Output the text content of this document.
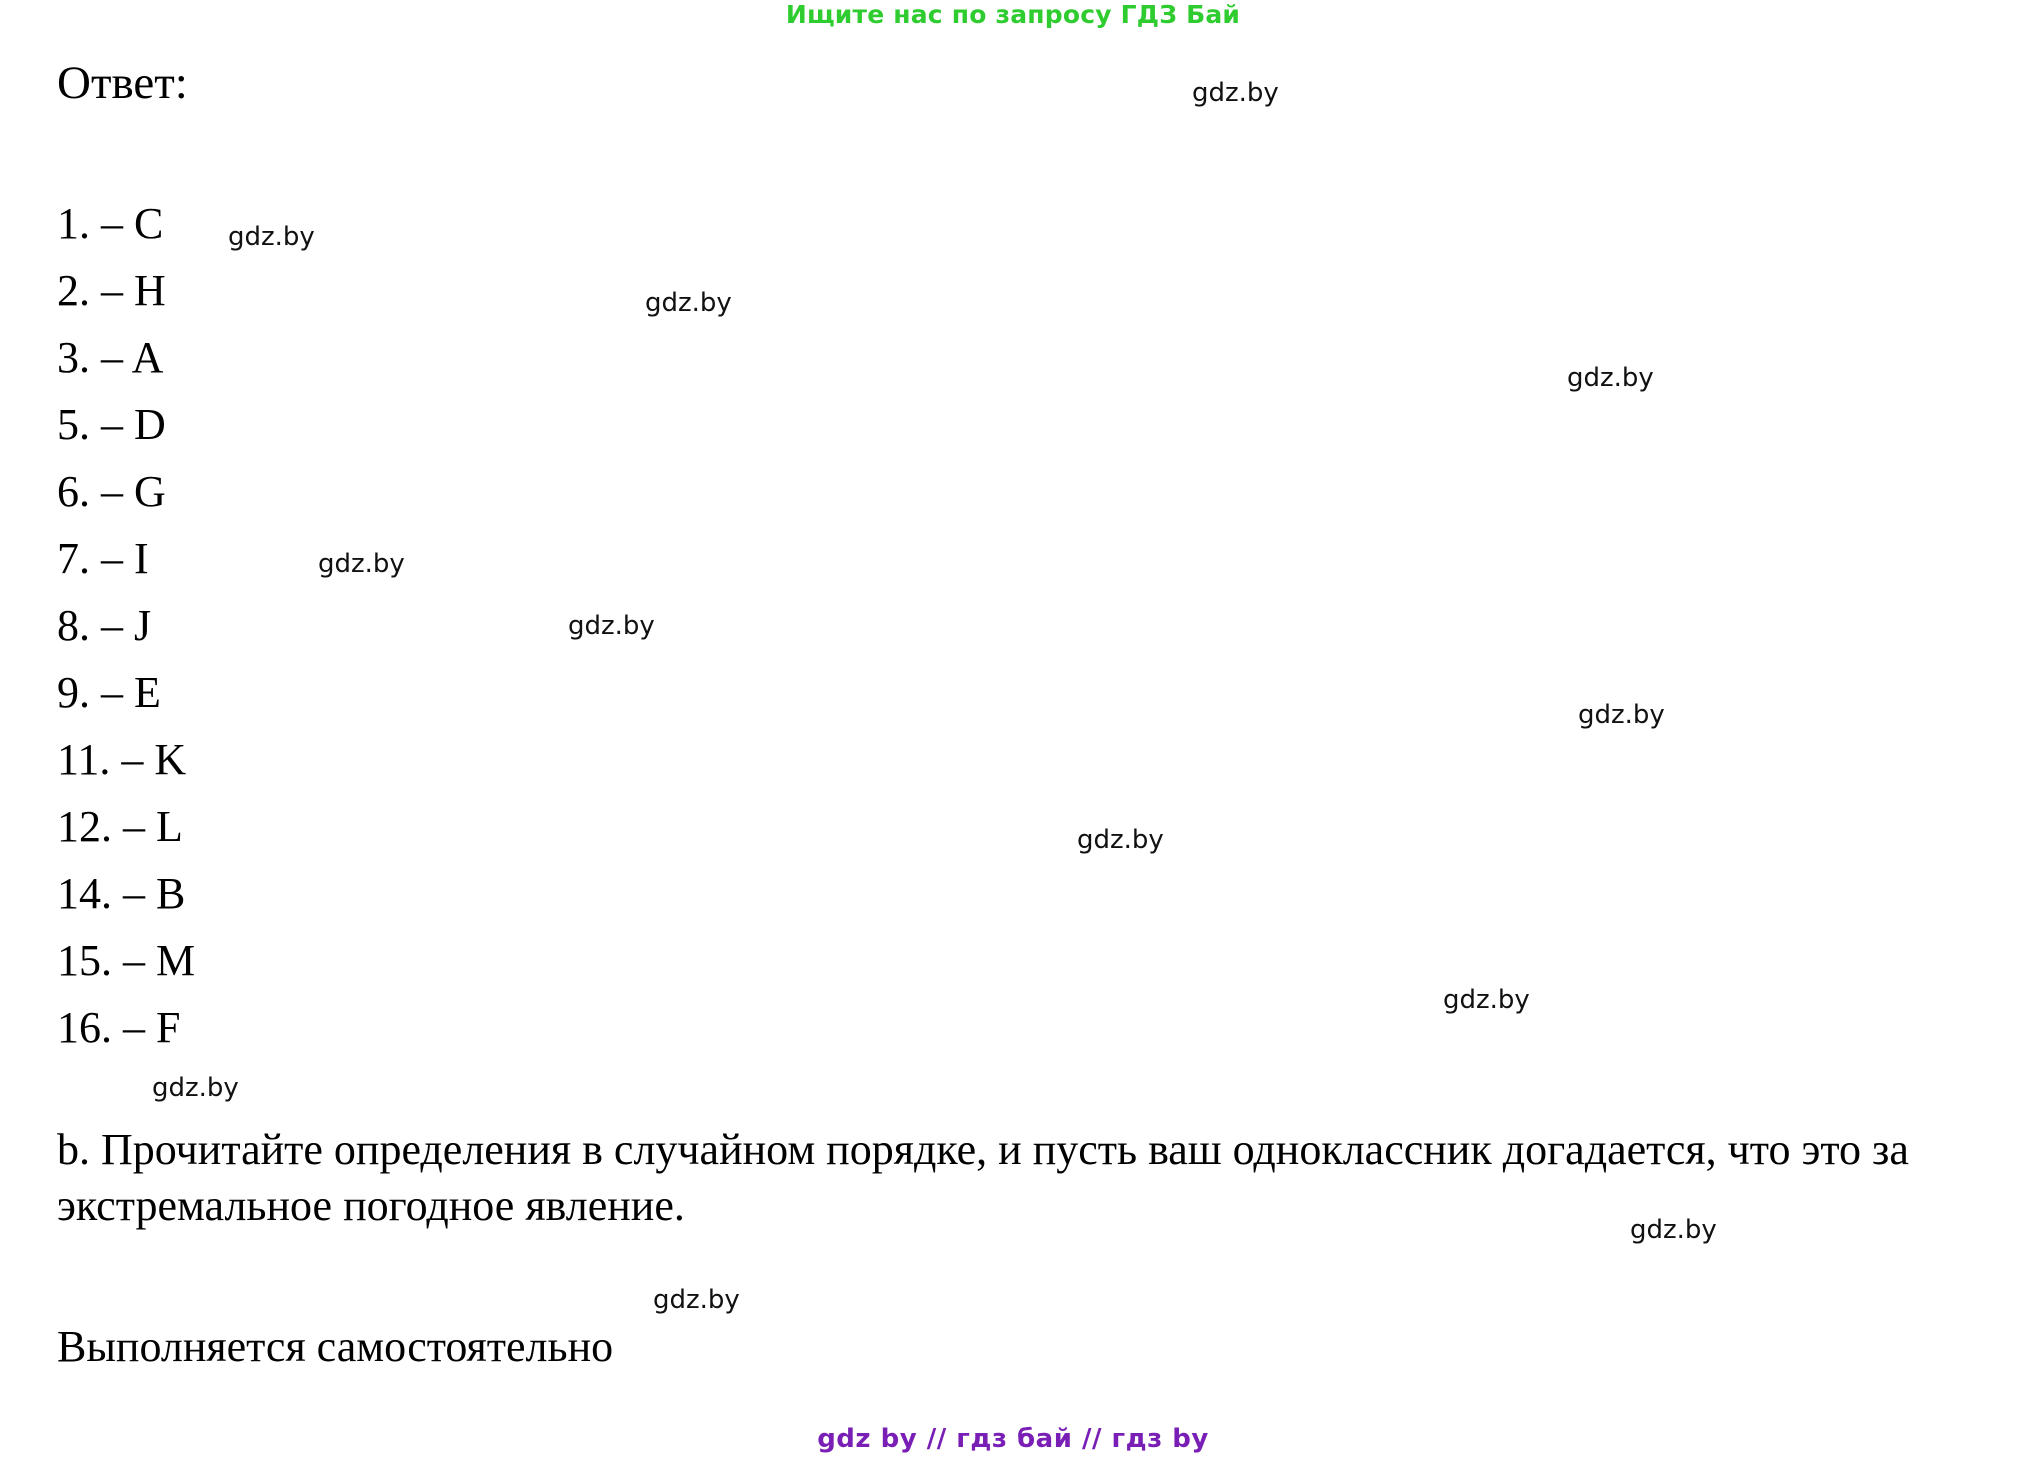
Ищите нас по запросу ГДЗ Бай
Ответ:
1. – C
2. – H
3. – A
5. – D
6. – G
7. – I
8. – J
9. – E
11. – K
12. – L
14. – B
15. – M
16. – F
b. Прочитайте определения в случайном порядке, и пусть ваш одноклассник догадается, что это за экстремальное погодное явление.
Выполняется самостоятельно
gdz by // гдз бай // гдз by
gdz.by
gdz.by
gdz.by
gdz.by
gdz.by
gdz.by
gdz.by
gdz.by
gdz.by
gdz.by
gdz.by
gdz.by
